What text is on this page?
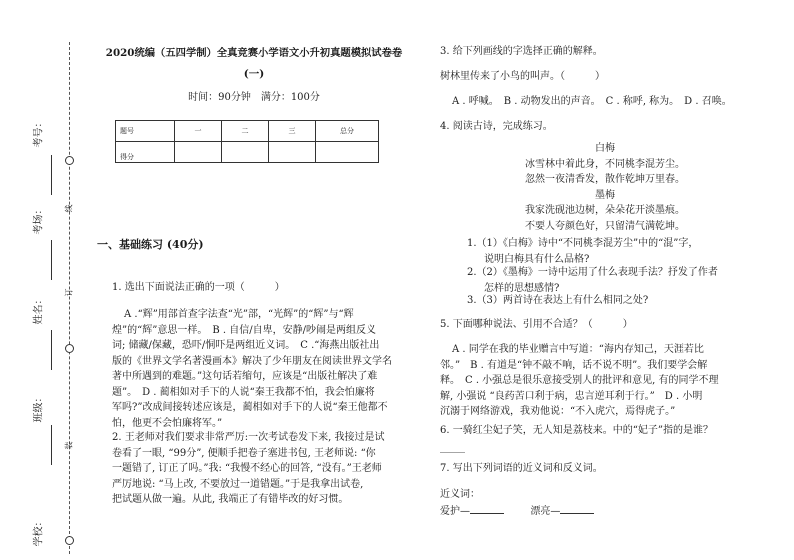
线
订
装
考号：
考场：
姓名：
班级：
学校：
2020统编（五四学制）全真竞赛小学语文小升初真题模拟试卷卷
(一)
时间：90分钟　满分：100分
题号	一	二	三	总分
得分				
一、基础练习 (40分)
1. 选出下面说法正确的一项（　　　）
A .“辉”用部首查字法查“光”部，“光辉”的“辉”与“辉
煌”的“辉”意思一样。　B . 自信/自卑，安静/吵闹是两组反义
词; 储藏/保藏，恐吓/恫吓是两组近义词。　C .“海燕出版社出
版的《世界文学名著漫画本》解决了少年朋友在阅读世界文学名
著中所遇到的难题。”这句话若缩句，应该是“出版社解决了难
题”。　D . 蔺相如对手下的人说“秦王我都不怕，我会怕廉将
军吗?”改成间接转述应该是，蔺相如对手下的人说“秦王他都不
怕，他更不会怕廉将军。”
2. 王老师对我们要求非常严厉:一次考试卷发下来, 我接过是试
卷看了一眼, “99分”, 便顺手把卷子塞进书包, 王老师说: “你
一题错了, 订正了吗。”我: “我慢不经心的回答, “没有。”王老师
严厉地说: “马上改, 不要放过一道错题。”于是我拿出试卷,
把试题从做一遍。从此, 我端正了有错毕改的好习惯。
3. 给下列画线的字选择正确的解释。
树林里传来了小鸟的叫声。（　　　）
A . 呼喊。　B . 动物发出的声音。　C . 称呼, 称为。　D . 召唤。
4. 阅读古诗，完成练习。
白梅
冰雪林中着此身，不同桃李混芳尘。
忽然一夜清香发，散作乾坤万里春。
墨梅
我家洗砚池边树，朵朵花开淡墨痕。
不要人夸颜色好，只留清气满乾坤。
1.（1）《白梅》诗中“不同桃李混芳尘”中的“混”字，
说明白梅具有什么品格?
2.（2）《墨梅》一诗中运用了什么表现手法？抒发了作者
怎样的思想感情?
3.（3）两首诗在表达上有什么相同之处?
5. 下面哪种说法、引用不合适？（　　　）
A . 同学在我的毕业赠言中写道：“海内存知己，天涯若比
邻。”　B . 有道是“钟不敲不响，话不说不明”。我们要学会解
释。　C . 小强总是很乐意接受别人的批评和意见, 有的同学不理
解, 小强说 “良药苦口利于病，忠言逆耳利于行。”　D . 小明
沉溺于网络游戏，我劝他说：“不入虎穴，焉得虎子。”
6. 一骑红尘妃子笑，无人知是荔枝来。中的“妃子”指的是谁？
_____
7. 写出下列词语的近义词和反义词。
近义词：
爱护—	漂亮—
